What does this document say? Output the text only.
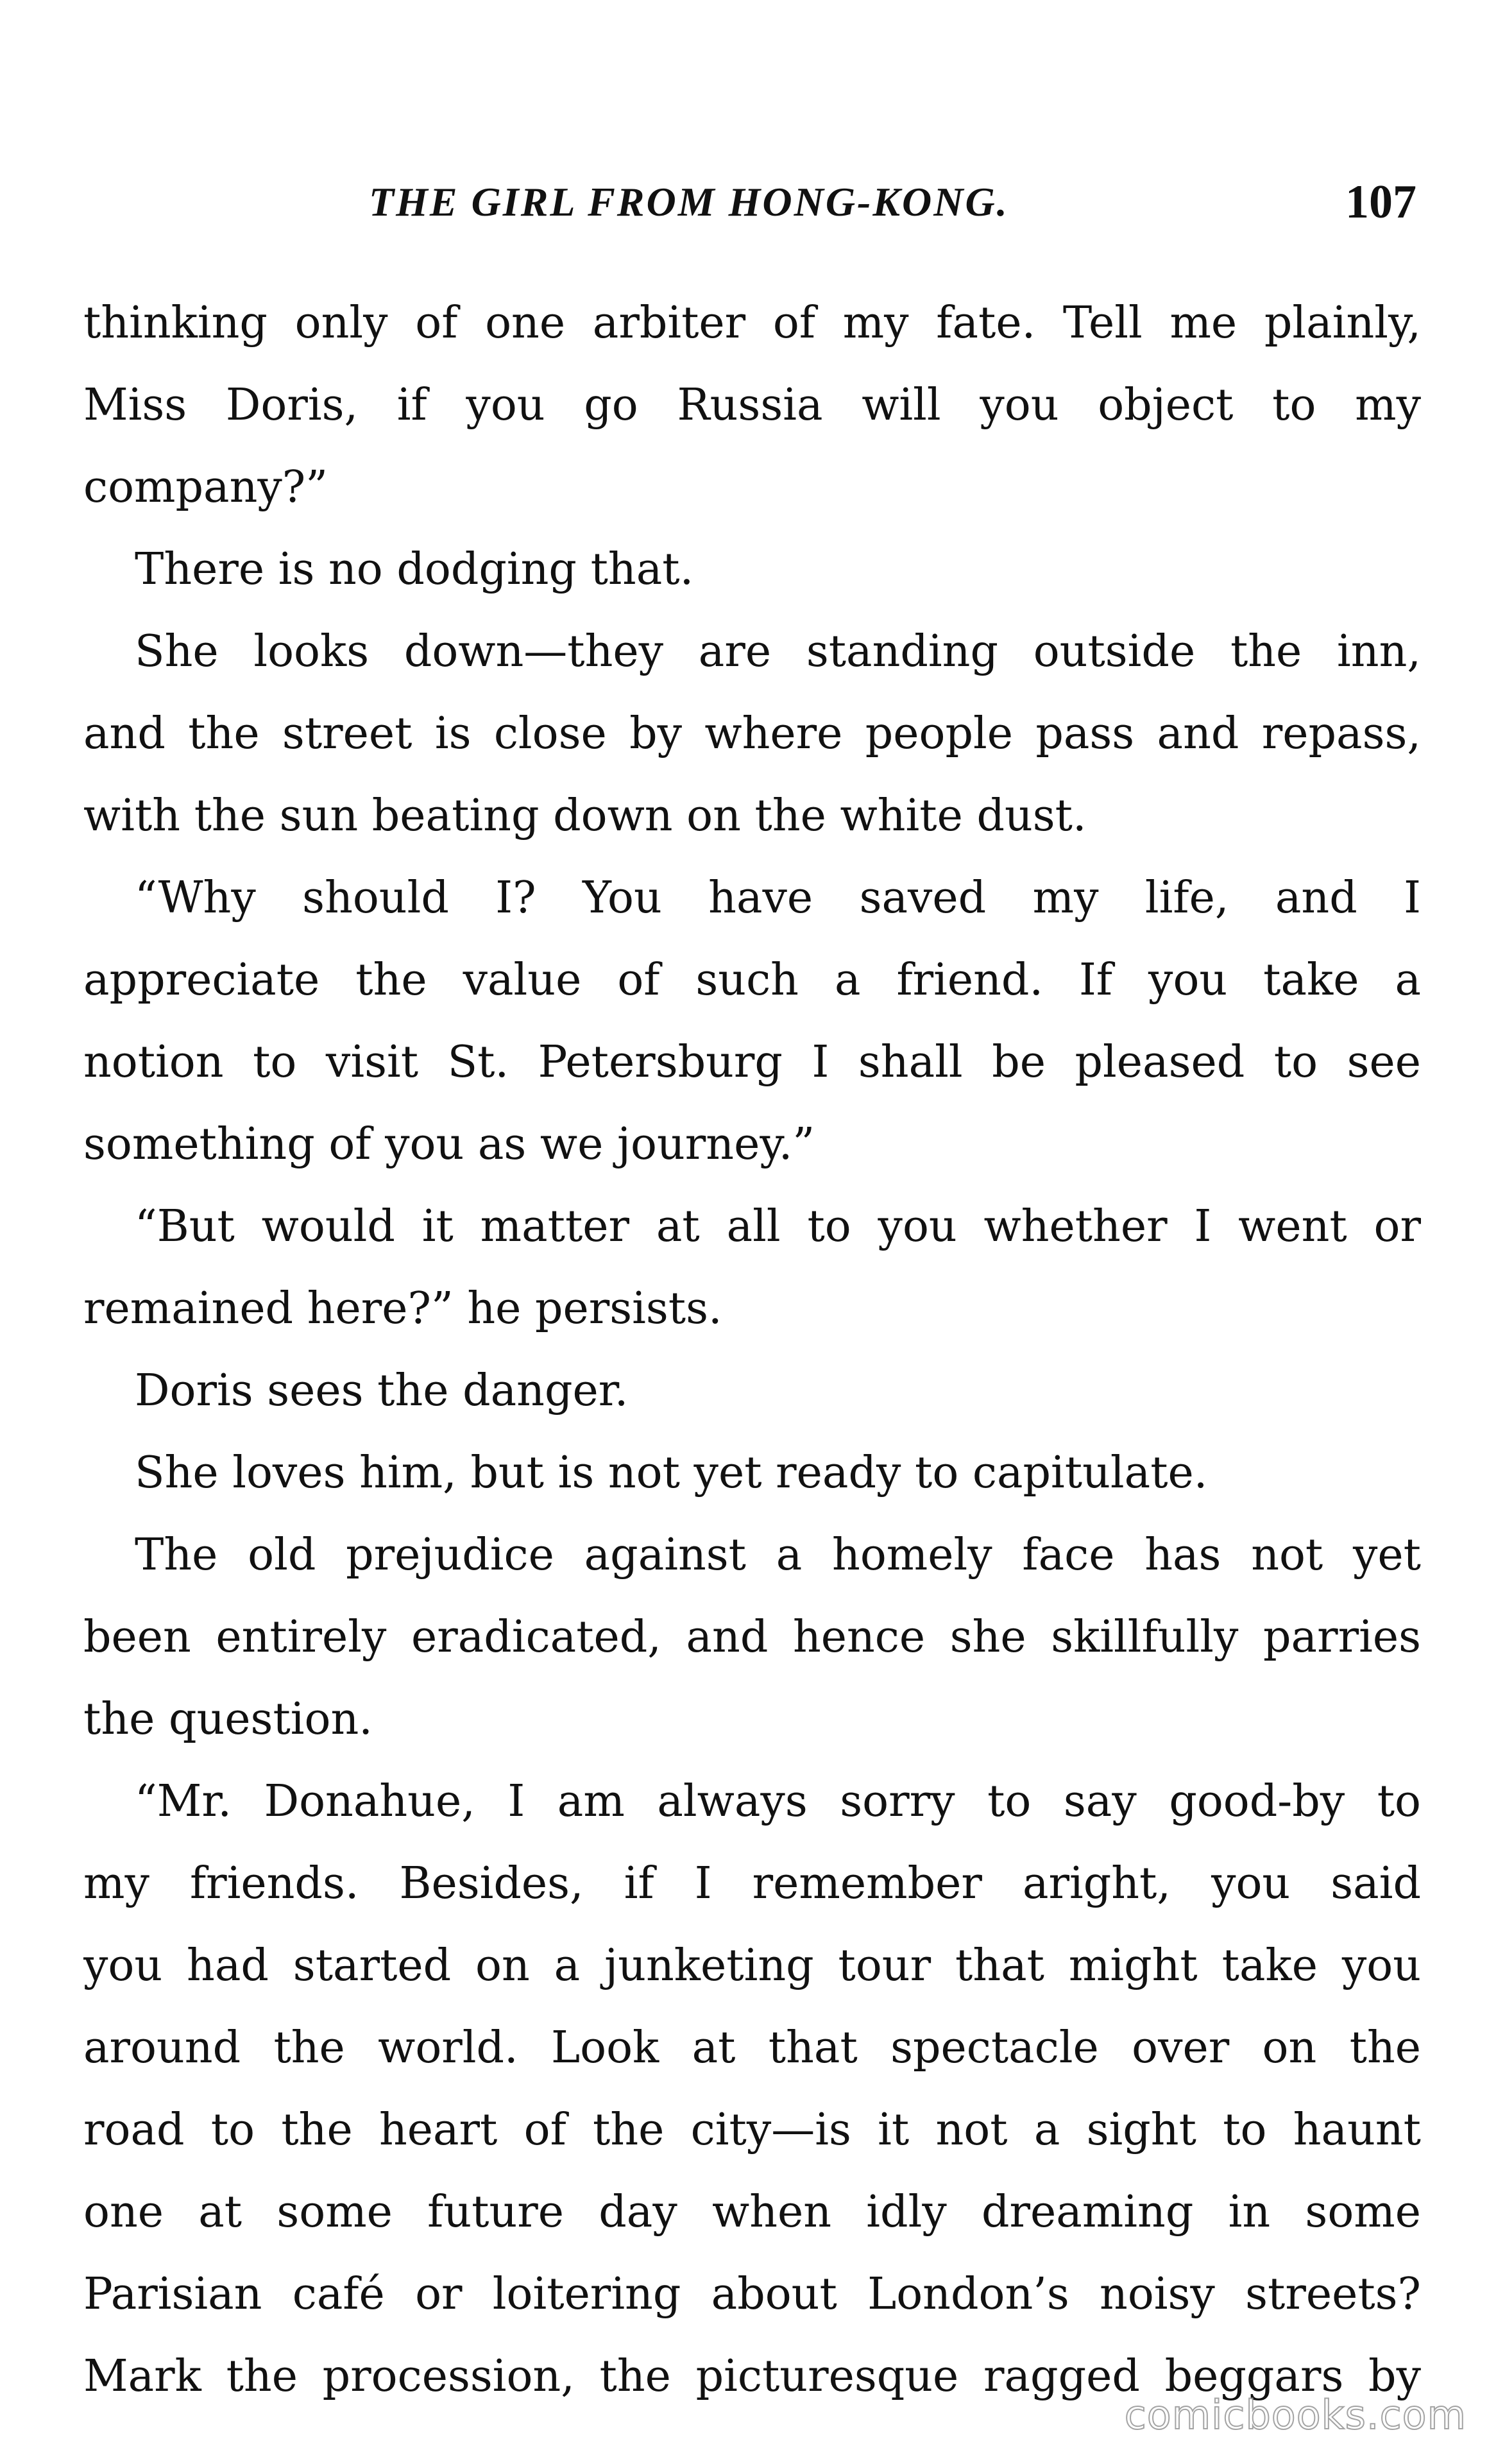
THE GIRL FROM HONG-KONG.	107
thinking only of one arbiter of my fate. Tell me plainly,
Miss Doris, if you go Russia will you object to my
company?”
There is no dodging that.
She looks down—they are standing outside the inn,
and the street is close by where people pass and repass,
with the sun beating down on the white dust.
“Why should I? You have saved my life, and I
appreciate the value of such a friend. If you take a
notion to visit St. Petersburg I shall be pleased to see
something of you as we journey.”
“But would it matter at all to you whether I went or
remained here?” he persists.
Doris sees the danger.
She loves him, but is not yet ready to capitulate.
The old prejudice against a homely face has not yet
been entirely eradicated, and hence she skillfully parries
the question.
“Mr. Donahue, I am always sorry to say good-by to
my friends. Besides, if I remember aright, you said
you had started on a junketing tour that might take you
around the world. Look at that spectacle over on the
road to the heart of the city—is it not a sight to haunt
one at some future day when idly dreaming in some
Parisian café or loitering about London’s noisy streets?
Mark the procession, the picturesque ragged beggars by
comicbooks.com
